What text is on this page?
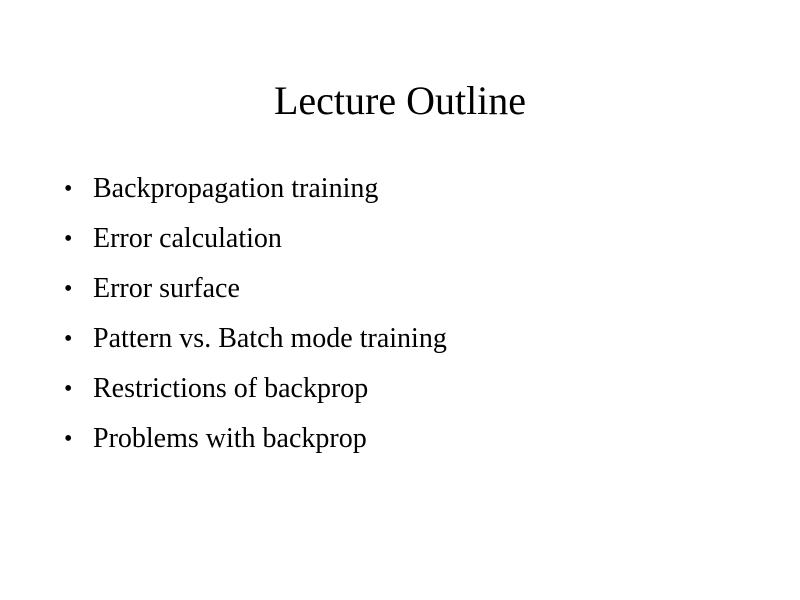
Lecture Outline
• Backpropagation training
• Error calculation
• Error surface
• Pattern vs. Batch mode training
• Restrictions of backprop
• Problems with backprop
